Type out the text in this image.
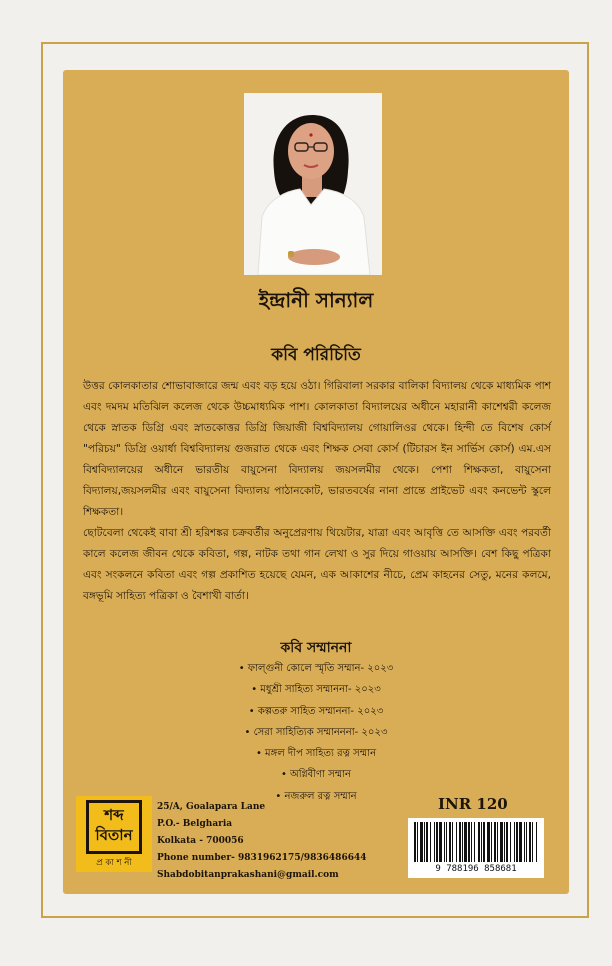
ইন্দ্রানী সান্যাল
কবি পরিচিতি

উত্তর কোলকাতার শোভাবাজারে জন্ম এবং বড় হয়ে ওঠা। গিরিবালা সরকার বালিকা বিদ্যালয় থেকে মাধ্যমিক পাশ এবং দমদম মতিঝিল কলেজ থেকে উচ্চমাধ্যমিক পাশ। কোলকাতা বিদ্যালয়ের অধীনে মহারানী কাশেশ্বরী কলেজ থেকে স্নাতক ডিগ্রি এবং স্নাতকোত্তর ডিগ্রি জিয়াজী বিশ্ববিদ্যালয় গোয়ালিওর থেকে। হিন্দী তে বিশেষ কোর্স "পরিচয়" ডিগ্রি ওয়ার্ধা বিশ্ববিদ্যালয় গুজরাত থেকে এবং শিক্ষক সেবা কোর্স (টিচারস ইন সার্ভিস কোর্স) এম.এস বিশ্ববিদ্যালয়ের অধীনে ভারতীয় বায়ুসেনা বিদ্যালয় জয়সলমীর থেকে। পেশা শিক্ষকতা, বায়ুসেনা বিদ্যালয়,জয়সলমীর এবং বায়ুসেনা বিদ্যালয় পাঠানকোট, ভারতবর্ষের নানা প্রান্তে প্রাইভেট এবং কনভেন্ট স্কুলে শিক্ষকতা।

ছোটবেলা থেকেই বাবা শ্রী হরিশঙ্কর চক্রবর্তীর অনুপ্রেরণায় থিয়েটার, যাত্রা এবং আবৃত্তি তে আসক্তি এবং পরবর্তী কালে কলেজ জীবন থেকে কবিতা, গল্প, নাটক তথা গান লেখা ও সুর দিয়ে গাওয়ায় আসক্তি। বেশ কিছু পত্রিকা এবং সংকলনে কবিতা এবং গল্প প্রকাশিত হয়েছে যেমন, এক আকাশের নীচে, প্রেম কাহনের সেতু, মনের কলমে, বঙ্গভূমি সাহিত্য পত্রিকা ও বৈশাখী বার্তা।

কবি সম্মাননা
• ফাল্গুনী কোলে স্মৃতি সম্মান- ২০২৩
• মধুশ্রী সাহিত্য সম্মাননা- ২০২৩
• কল্পতরু সাহিত সম্মাননা- ২০২৩
• সেরা সাহিত্যিক সম্মানননা- ২০২৩
• মঙ্গল দীপ সাহিত্য রত্ন সম্মান
• অগ্নিবীণা সম্মান
• নজরুল রত্ন সম্মান
শব্দ
বিতান
প্র কা শ নী
25/A, Goalapara Lane
P.O.- Belgharia
Kolkata - 700056
Phone number- 9831962175/9836486644
Shabdobitanprakashani@gmail.com
INR 120
9 788196 858681
